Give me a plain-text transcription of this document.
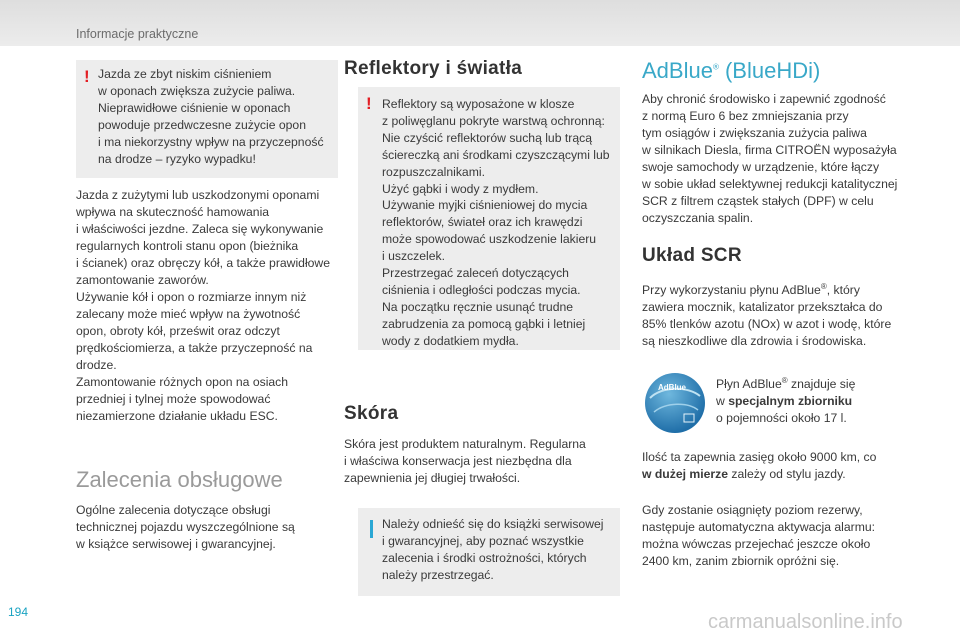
Informacje praktyczne
! Jazda ze zbyt niskim ciśnieniem
w oponach zwiększa zużycie paliwa.
Nieprawidłowe ciśnienie w oponach
powoduje przedwczesne zużycie opon
i ma niekorzystny wpływ na przyczepność
na drodze – ryzyko wypadku!

Jazda z zużytymi lub uszkodzonymi oponami
wpływa na skuteczność hamowania
i właściwości jezdne. Zaleca się wykonywanie
regularnych kontroli stanu opon (bieżnika
i ścianek) oraz obręczy kół, a także prawidłowe
zamontowanie zaworów.
Używanie kół i opon o rozmiarze innym niż
zalecany może mieć wpływ na żywotność
opon, obroty kół, prześwit oraz odczyt
prędkościomierza, a także przyczepność na
drodze.
Zamontowanie różnych opon na osiach
przedniej i tylnej może spowodować
niezamierzone działanie układu ESC.

Zalecenia obsługowe

Ogólne zalecenia dotyczące obsługi
technicznej pojazdu wyszczególnione są
w książce serwisowej i gwarancyjnej.

Reflektory i światła
! Reflektory są wyposażone w klosze
z poliwęglanu pokryte warstwą ochronną:
Nie czyścić reflektorów suchą lub trącą
ściereczką ani środkami czyszczącymi lub
rozpuszczalnikami.
Użyć gąbki i wody z mydłem.
Używanie myjki ciśnieniowej do mycia
reflektorów, świateł oraz ich krawędzi
może spowodować uszkodzenie lakieru
i uszczelek.
Przestrzegać zaleceń dotyczących
ciśnienia i odległości podczas mycia.
Na początku ręcznie usunąć trudne
zabrudzenia za pomocą gąbki i letniej
wody z dodatkiem mydła.

Skóra

Skóra jest produktem naturalnym. Regularna
i właściwa konserwacja jest niezbędna dla
zapewnienia jej długiej trwałości.

Należy odnieść się do książki serwisowej
i gwarancyjnej, aby poznać wszystkie
zalecenia i środki ostrożności, których
należy przestrzegać.

AdBlue® (BlueHDi)

Aby chronić środowisko i zapewnić zgodność
z normą Euro 6 bez zmniejszania przy
tym osiągów i zwiększania zużycia paliwa
w silnikach Diesla, firma CITROËN wyposażyła
swoje samochody w urządzenie, które łączy
w sobie układ selektywnej redukcji katalitycznej
SCR z filtrem cząstek stałych (DPF) w celu
oczyszczania spalin.

Układ SCR

Przy wykorzystaniu płynu AdBlue®, który
zawiera mocznik, katalizator przekształca do
85% tlenków azotu (NOx) w azot i wodę, które
są nieszkodliwe dla zdrowia i środowiska.

AdBlue Płyn AdBlue® znajduje się
w specjalnym zbiorniku
o pojemności około 17 l.

Ilość ta zapewnia zasięg około 9000 km, co
w dużej mierze zależy od stylu jazdy.

Gdy zostanie osiągnięty poziom rezerwy,
następuje automatyczna aktywacja alarmu:
można wówczas przejechać jeszcze około
2400 km, zanim zbiornik opróżni się.

194	carmanualsonline.info
